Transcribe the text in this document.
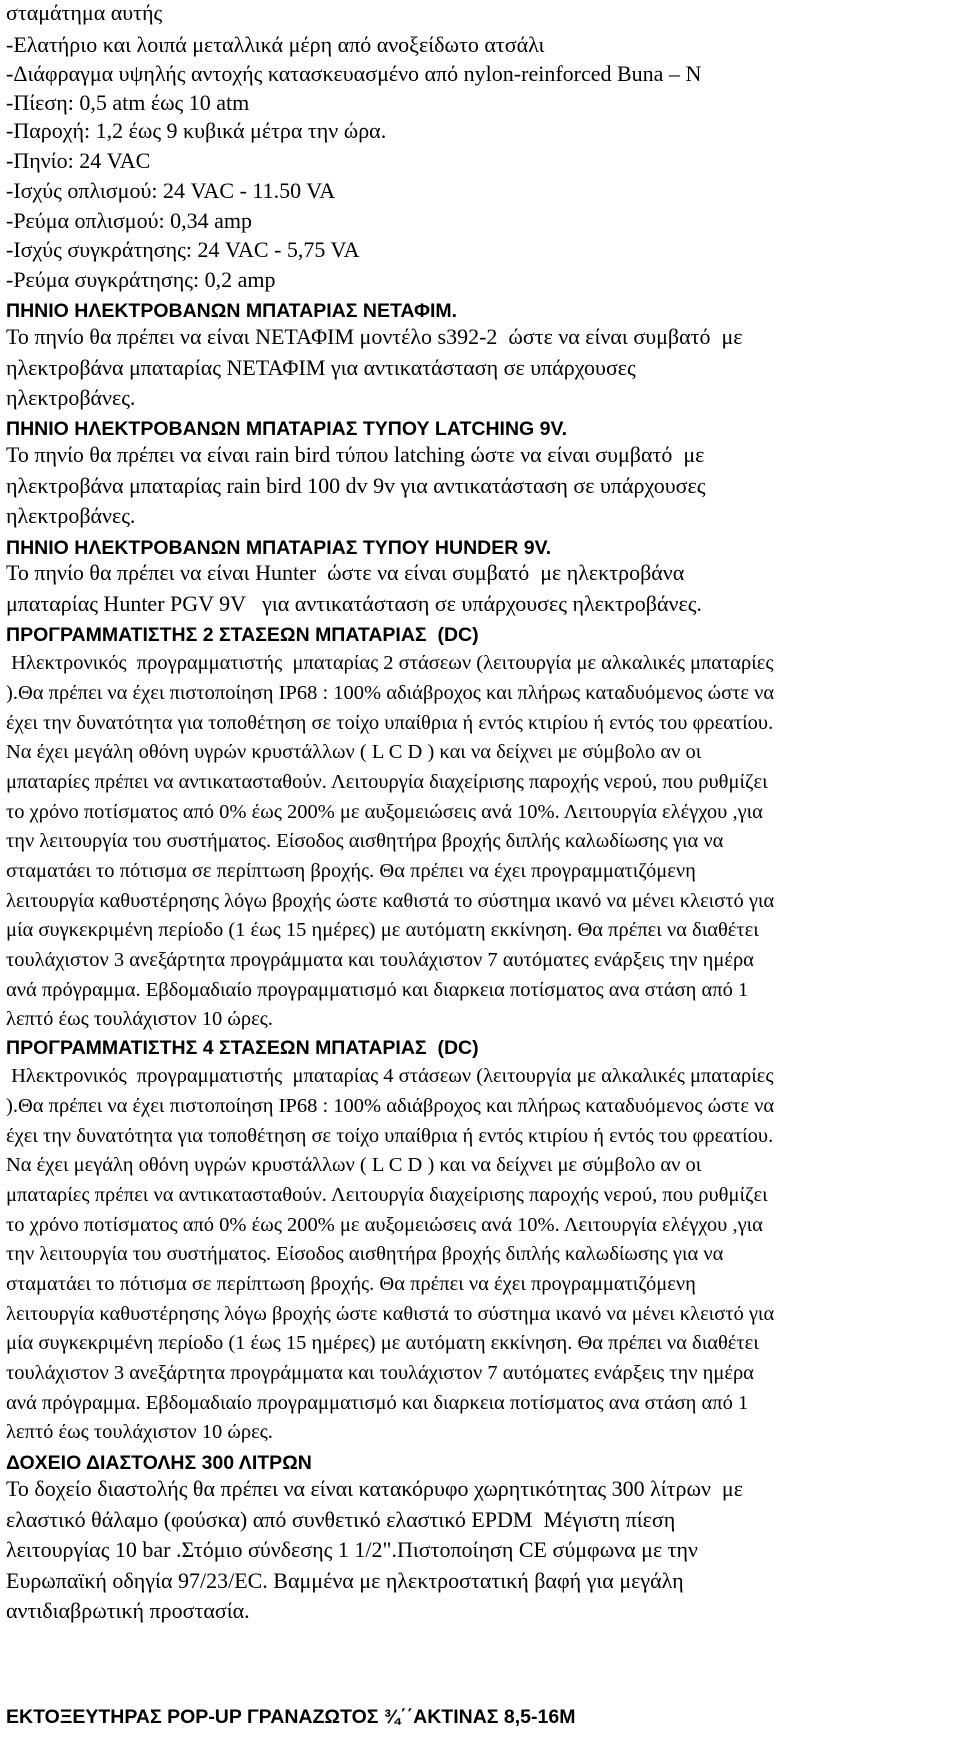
σταμάτημα αυτής
-Ελατήριο και λοιπά μεταλλικά μέρη από ανοξείδωτο ατσάλι
-Διάφραγμα υψηλής αντοχής κατασκευασμένο από nylon-reinforced Buna – N
-Πίεση: 0,5 atm έως 10 atm
-Παροχή: 1,2 έως 9 κυβικά μέτρα την ώρα.
-Πηνίο: 24 VAC
-Ισχύς οπλισμού: 24 VAC - 11.50 VA
-Ρεύμα οπλισμού: 0,34 amp
-Ισχύς συγκράτησης: 24 VAC - 5,75 VA
-Ρεύμα συγκράτησης: 0,2 amp
ΠΗΝΙΟ ΗΛΕΚΤΡΟΒΑΝΩΝ ΜΠΑΤΑΡΙΑΣ ΝΕΤΑΦΙΜ.
Το πηνίο θα πρέπει να είναι ΝΕΤΑΦΙΜ μοντέλο s392-2  ώστε να είναι συμβατό  με
ηλεκτροβάνα μπαταρίας ΝΕΤΑΦΙΜ για αντικατάσταση σε υπάρχουσες
ηλεκτροβάνες.
ΠΗΝΙΟ ΗΛΕΚΤΡΟΒΑΝΩΝ ΜΠΑΤΑΡΙΑΣ ΤΥΠΟΥ LATCHING 9V.
Το πηνίο θα πρέπει να είναι rain bird τύπου latching ώστε να είναι συμβατό  με
ηλεκτροβάνα μπαταρίας rain bird 100 dv 9v για αντικατάσταση σε υπάρχουσες
ηλεκτροβάνες.
ΠΗΝΙΟ ΗΛΕΚΤΡΟΒΑΝΩΝ ΜΠΑΤΑΡΙΑΣ ΤΥΠΟΥ HUNDER 9V.
Το πηνίο θα πρέπει να είναι Hunter  ώστε να είναι συμβατό  με ηλεκτροβάνα
μπαταρίας Hunter PGV 9V   για αντικατάσταση σε υπάρχουσες ηλεκτροβάνες.
ΠΡΟΓΡΑΜΜΑΤΙΣΤΗΣ 2 ΣΤΑΣΕΩΝ ΜΠΑΤΑΡΙΑΣ  (DC)
Ηλεκτρονικός  προγραμματιστής  μπαταρίας 2 στάσεων (λειτουργία με αλκαλικές μπαταρίες
).Θα πρέπει να έχει πιστοποίηση IP68 : 100% αδιάβροχος και πλήρως καταδυόμενος ώστε να
έχει την δυνατότητα για τοποθέτηση σε τοίχο υπαίθρια ή εντός κτιρίου ή εντός του φρεατίου.
Να έχει μεγάλη οθόνη υγρών κρυστάλλων ( L C D ) και να δείχνει με σύμβολο αν οι
μπαταρίες πρέπει να αντικατασταθούν. Λειτουργία διαχείρισης παροχής νερού, που ρυθμίζει
το χρόνο ποτίσματος από 0% έως 200% με αυξομειώσεις ανά 10%. Λειτουργία ελέγχου ,για
την λειτουργία του συστήματος. Είσοδος αισθητήρα βροχής διπλής καλωδίωσης για να
σταματάει το πότισμα σε περίπτωση βροχής. Θα πρέπει να έχει προγραμματιζόμενη
λειτουργία καθυστέρησης λόγω βροχής ώστε καθιστά το σύστημα ικανό να μένει κλειστό για
μία συγκεκριμένη περίοδο (1 έως 15 ημέρες) με αυτόματη εκκίνηση. Θα πρέπει να διαθέτει
τουλάχιστον 3 ανεξάρτητα προγράμματα και τουλάχιστον 7 αυτόματες ενάρξεις την ημέρα
ανά πρόγραμμα. Εβδομαδιαίο προγραμματισμό και διαρκεια ποτίσματος ανα στάση από 1
λεπτό έως τουλάχιστον 10 ώρες.
ΠΡΟΓΡΑΜΜΑΤΙΣΤΗΣ 4 ΣΤΑΣΕΩΝ ΜΠΑΤΑΡΙΑΣ  (DC)
Ηλεκτρονικός  προγραμματιστής  μπαταρίας 4 στάσεων (λειτουργία με αλκαλικές μπαταρίες
).Θα πρέπει να έχει πιστοποίηση IP68 : 100% αδιάβροχος και πλήρως καταδυόμενος ώστε να
έχει την δυνατότητα για τοποθέτηση σε τοίχο υπαίθρια ή εντός κτιρίου ή εντός του φρεατίου.
Να έχει μεγάλη οθόνη υγρών κρυστάλλων ( L C D ) και να δείχνει με σύμβολο αν οι
μπαταρίες πρέπει να αντικατασταθούν. Λειτουργία διαχείρισης παροχής νερού, που ρυθμίζει
το χρόνο ποτίσματος από 0% έως 200% με αυξομειώσεις ανά 10%. Λειτουργία ελέγχου ,για
την λειτουργία του συστήματος. Είσοδος αισθητήρα βροχής διπλής καλωδίωσης για να
σταματάει το πότισμα σε περίπτωση βροχής. Θα πρέπει να έχει προγραμματιζόμενη
λειτουργία καθυστέρησης λόγω βροχής ώστε καθιστά το σύστημα ικανό να μένει κλειστό για
μία συγκεκριμένη περίοδο (1 έως 15 ημέρες) με αυτόματη εκκίνηση. Θα πρέπει να διαθέτει
τουλάχιστον 3 ανεξάρτητα προγράμματα και τουλάχιστον 7 αυτόματες ενάρξεις την ημέρα
ανά πρόγραμμα. Εβδομαδιαίο προγραμματισμό και διαρκεια ποτίσματος ανα στάση από 1
λεπτό έως τουλάχιστον 10 ώρες.
ΔΟΧΕΙΟ ΔΙΑΣΤΟΛΗΣ 300 ΛΙΤΡΩΝ
Το δοχείο διαστολής θα πρέπει να είναι κατακόρυφο χωρητικότητας 300 λίτρων  με
ελαστικό θάλαμο (φούσκα) από συνθετικό ελαστικό EPDM  Μέγιστη πίεση
λειτουργίας 10 bar .Στόμιο σύνδεσης 1 1/2".Πιστοποίηση CE σύμφωνα με την
Ευρωπαϊκή οδηγία 97/23/EC. Βαμμένα με ηλεκτροστατική βαφή για μεγάλη
αντιδιαβρωτική προστασία.
ΕΚΤΟΞΕΥΤΗΡΑΣ POP-UP ΓΡΑΝΑΖΩΤΟΣ ¾΄΄ΑΚΤΙΝΑΣ 8,5-16Μ
